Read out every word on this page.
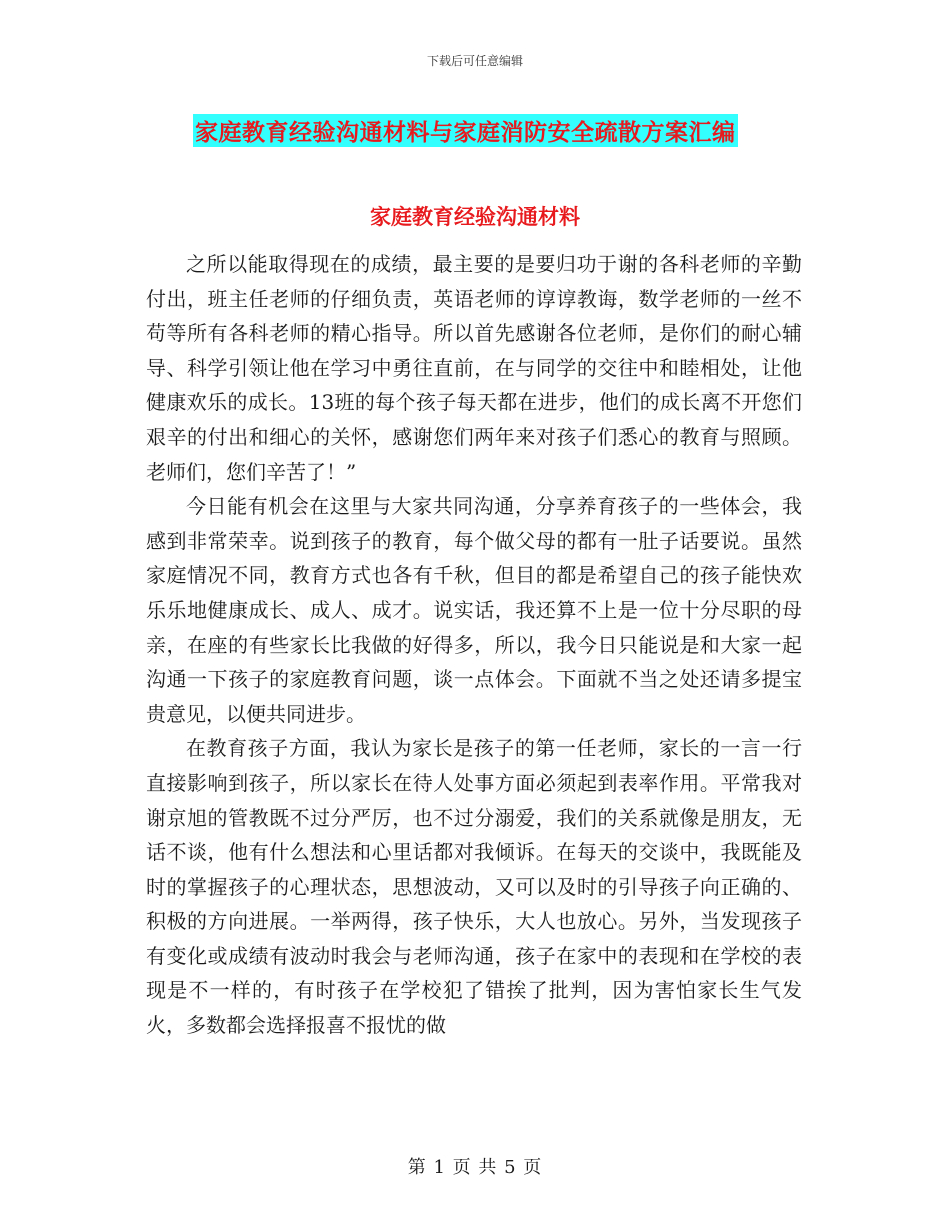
下载后可任意编辑
家庭教育经验沟通材料与家庭消防安全疏散方案汇编
家庭教育经验沟通材料

之所以能取得现在的成绩，最主要的是要归功于谢的各科老师的辛勤付出，班主任老师的仔细负责，英语老师的谆谆教诲，数学老师的一丝不苟等所有各科老师的精心指导。所以首先感谢各位老师，是你们的耐心辅导、科学引领让他在学习中勇往直前，在与同学的交往中和睦相处，让他健康欢乐的成长。13班的每个孩子每天都在进步，他们的成长离不开您们艰辛的付出和细心的关怀，感谢您们两年来对孩子们悉心的教育与照顾。老师们，您们辛苦了！”

今日能有机会在这里与大家共同沟通，分享养育孩子的一些体会，我感到非常荣幸。说到孩子的教育，每个做父母的都有一肚子话要说。虽然家庭情况不同，教育方式也各有千秋，但目的都是希望自己的孩子能快欢乐乐地健康成长、成人、成才。说实话，我还算不上是一位十分尽职的母亲，在座的有些家长比我做的好得多，所以，我今日只能说是和大家一起沟通一下孩子的家庭教育问题，谈一点体会。下面就不当之处还请多提宝贵意见，以便共同进步。

在教育孩子方面，我认为家长是孩子的第一任老师，家长的一言一行直接影响到孩子，所以家长在待人处事方面必须起到表率作用。平常我对谢京旭的管教既不过分严厉，也不过分溺爱，我们的关系就像是朋友，无话不谈，他有什么想法和心里话都对我倾诉。在每天的交谈中，我既能及时的掌握孩子的心理状态，思想波动，又可以及时的引导孩子向正确的、积极的方向进展。一举两得，孩子快乐，大人也放心。另外，当发现孩子有变化或成绩有波动时我会与老师沟通，孩子在家中的表现和在学校的表现是不一样的，有时孩子在学校犯了错挨了批判，因为害怕家长生气发火，多数都会选择报喜不报忧的做

第 1 页 共 5 页
